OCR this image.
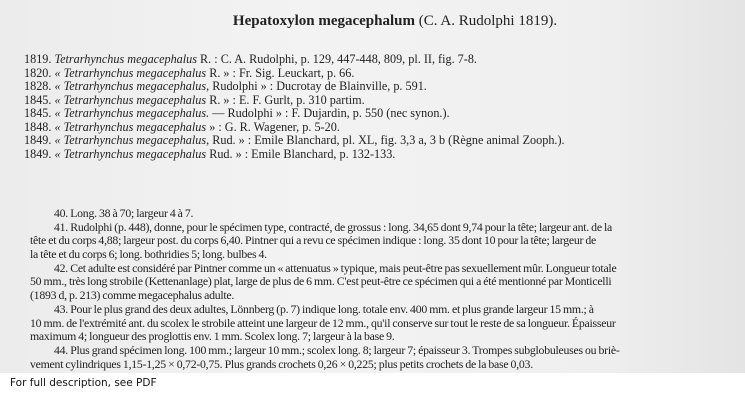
Hepatoxylon megacephalum (C. A. Rudolphi 1819).
1819. Tetrarhynchus megacephalus R. : C. A. Rudolphi, p. 129, 447-448, 809, pl. II, fig. 7-8.
1820. « Tetrarhynchus megacephalus R. » : Fr. Sig. Leuckart, p. 66.
1828. « Tetrarhynchus megacephalus, Rudolphi » : Ducrotay de Blainville, p. 591.
1845. « Tetrarhynchus megacephalus R. » : E. F. Gurlt, p. 310 partim.
1845. « Tetrarhynchus megacephalus. — Rudolphi » : F. Dujardin, p. 550 (nec synon.).
1848. « Tetrarhynchus megacephalus » : G. R. Wagener, p. 5-20.
1849. « Tetrarhynchus megacephalus, Rud. » : Emile Blanchard, pl. XL, fig. 3,3 a, 3 b (Règne animal Zooph.).
1849. « Tetrarhynchus megacephalus Rud. » : Emile Blanchard, p. 132-133.
40. Long. 38 à 70; largeur 4 à 7.
41. Rudolphi (p. 448), donne, pour le spécimen type, contracté, de grossus : long. 34,65 dont 9,74 pour la tête; largeur ant. de la
tête et du corps 4,88; largeur post. du corps 6,40. Pintner qui a revu ce spécimen indique : long. 35 dont 10 pour la tête; largeur de
la tête et du corps 6; long. bothridies 5; long. bulbes 4.
42. Cet adulte est considéré par Pintner comme un « attenuatus » typique, mais peut-être pas sexuellement mûr. Longueur totale
50 mm., très long strobile (Kettenanlage) plat, large de plus de 6 mm. C'est peut-être ce spécimen qui a été mentionné par Monticelli
(1893 d, p. 213) comme megacephalus adulte.
43. Pour le plus grand des deux adultes, Lönnberg (p. 7) indique long. totale env. 400 mm. et plus grande largeur 15 mm.; à
10 mm. de l'extrémité ant. du scolex le strobile atteint une largeur de 12 mm., qu'il conserve sur tout le reste de sa longueur. Épaisseur
maximum 4; longueur des proglottis env. 1 mm. Scolex long. 7; largeur à la base 9.
44. Plus grand spécimen long. 100 mm.; largeur 10 mm.; scolex long. 8; largeur 7; épaisseur 3. Trompes subglobuleuses ou briè-
vement cylindriques 1,15-1,25 × 0,72-0,75. Plus grands crochets 0,26 × 0,225; plus petits crochets de la base 0,03.
For full description, see PDF
